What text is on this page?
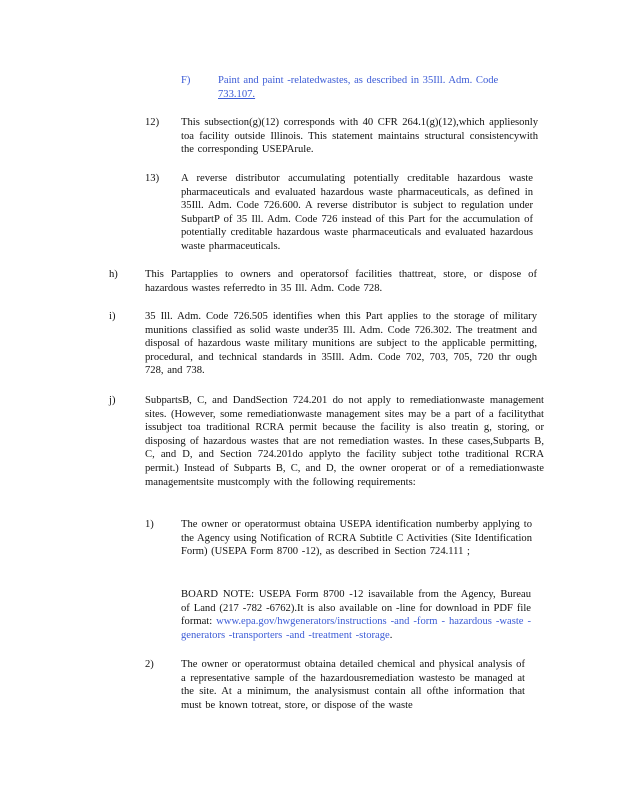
F)	Paint and paint -relatedwastes, as described in 35Ill. Adm. Code
733.107.

12)	This subsection(g)(12) corresponds with 40 CFR 264.1(g)(12),which appliesonly toa facility outside Illinois. This statement maintains structural consistencywith the corresponding USEPArule.

13)	A reverse distributor accumulating potentially creditable hazardous waste pharmaceuticals and evaluated hazardous waste pharmaceuticals, as defined in 35Ill. Adm. Code 726.600. A reverse distributor is subject to regulation under SubpartP of 35 Ill. Adm. Code 726 instead of this Part for the accumulation of potentially creditable hazardous waste pharmaceuticals and evaluated hazardous waste pharmaceuticals.

h)	This Partapplies to owners and operatorsof facilities thattreat, store, or dispose of hazardous wastes referredto in 35 Ill. Adm. Code 728.

i)	35 Ill. Adm. Code 726.505 identifies when this Part applies to the storage of military munitions classified as solid waste under35 Ill. Adm. Code 726.302. The treatment and disposal of hazardous waste military munitions are subject to the applicable permitting, procedural, and technical standards in 35Ill. Adm. Code 702, 703, 705, 720 thr ough 728, and 738.

j)	SubpartsB, C, and DandSection 724.201 do not apply to remediationwaste management sites. (However, some remediationwaste management sites may be a part of a facilitythat issubject toa traditional RCRA permit because the facility is also treatin g, storing, or disposing of hazardous wastes that are not remediation wastes. In these cases,Subparts B, C, and D, and Section 724.201do applyto the facility subject tothe traditional RCRA permit.) Instead of Subparts B, C, and D, the owner oroperat or of a remediationwaste managementsite mustcomply with the following requirements:

1)	The owner or operatormust obtaina USEPA identification numberby applying to the Agency using Notification of RCRA Subtitle C Activities (Site Identification Form) (USEPA Form 8700 -12), as described in Section 724.111 ;

BOARD NOTE: USEPA Form 8700 -12 isavailable from the Agency, Bureau of Land (217 -782 -6762).It is also available on -line for download in PDF file format: www.epa.gov/hwgenerators/instructions -and -form - hazardous -waste -generators -transporters -and -treatment -storage.

2)	The owner or operatormust obtaina detailed chemical and physical analysis of a representative sample of the hazardousremediation wastesto be managed at the site. At a minimum, the analysismust contain all ofthe information that must be known totreat, store, or dispose of the waste
